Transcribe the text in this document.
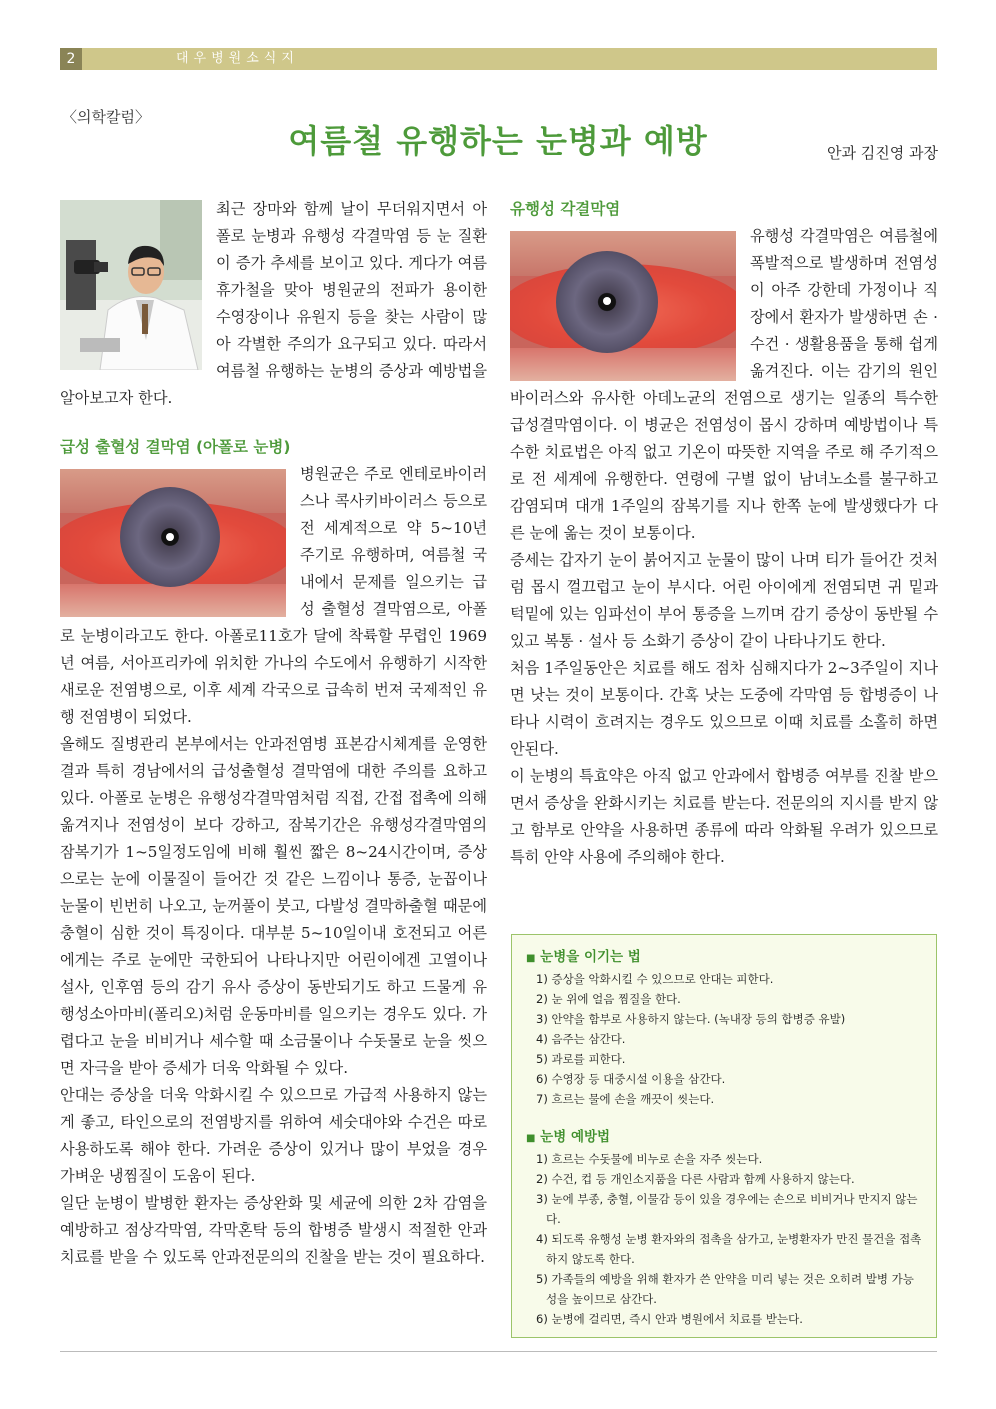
2	대우병원소식지
〈의학칼럼〉
여름철 유행하는 눈병과 예방	안과 김진영 과장

최근 장마와 함께 날이 무더워지면서 아폴로 눈병과 유행성 각결막염 등 눈 질환이 증가 추세를 보이고 있다. 게다가 여름 휴가철을 맞아 병원균의 전파가 용이한 수영장이나 유원지 등을 찾는 사람이 많아 각별한 주의가 요구되고 있다. 따라서 여름철 유행하는 눈병의 증상과 예방법을 알아보고자 한다.

급성 출혈성 결막염 (아폴로 눈병)

병원균은 주로 엔테로바이러스나 콕사키바이러스 등으로 전 세계적으로 약 5~10년 주기로 유행하며, 여름철 국내에서 문제를 일으키는 급성 출혈성 결막염으로, 아폴로 눈병이라고도 한다. 아폴로11호가 달에 착륙할 무렵인 1969년 여름, 서아프리카에 위치한 가나의 수도에서 유행하기 시작한 새로운 전염병으로, 이후 세계 각국으로 급속히 번져 국제적인 유행 전염병이 되었다.

올해도 질병관리 본부에서는 안과전염병 표본감시체계를 운영한 결과 특히 경남에서의 급성출혈성 결막염에 대한 주의를 요하고 있다. 아폴로 눈병은 유행성각결막염처럼 직접, 간접 접촉에 의해 옮겨지나 전염성이 보다 강하고, 잠복기간은 유행성각결막염의 잠복기가 1~5일정도임에 비해 훨씬 짧은 8~24시간이며, 증상으로는 눈에 이물질이 들어간 것 같은 느낌이나 통증, 눈꼽이나 눈물이 빈번히 나오고, 눈꺼풀이 붓고, 다발성 결막하출혈 때문에 충혈이 심한 것이 특징이다. 대부분 5~10일이내 호전되고 어른에게는 주로 눈에만 국한되어 나타나지만 어린이에겐 고열이나 설사, 인후염 등의 감기 유사 증상이 동반되기도 하고 드물게 유행성소아마비(폴리오)처럼 운동마비를 일으키는 경우도 있다. 가렵다고 눈을 비비거나 세수할 때 소금물이나 수돗물로 눈을 씻으면 자극을 받아 증세가 더욱 악화될 수 있다.

안대는 증상을 더욱 악화시킬 수 있으므로 가급적 사용하지 않는 게 좋고, 타인으로의 전염방지를 위하여 세숫대야와 수건은 따로 사용하도록 해야 한다. 가려운 증상이 있거나 많이 부었을 경우 가벼운 냉찜질이 도움이 된다.

일단 눈병이 발병한 환자는 증상완화 및 세균에 의한 2차 감염을 예방하고 점상각막염, 각막혼탁 등의 합병증 발생시 적절한 안과 치료를 받을 수 있도록 안과전문의의 진찰을 받는 것이 필요하다.

유행성 각결막염

유행성 각결막염은 여름철에 폭발적으로 발생하며 전염성이 아주 강한데 가정이나 직장에서 환자가 발생하면 손 · 수건 · 생활용품을 통해 쉽게 옮겨진다. 이는 감기의 원인 바이러스와 유사한 아데노균의 전염으로 생기는 일종의 특수한 급성결막염이다. 이 병균은 전염성이 몹시 강하며 예방법이나 특수한 치료법은 아직 없고 기온이 따뜻한 지역을 주로 해 주기적으로 전 세계에 유행한다. 연령에 구별 없이 남녀노소를 불구하고 감염되며 대개 1주일의 잠복기를 지나 한쪽 눈에 발생했다가 다른 눈에 옮는 것이 보통이다.

증세는 갑자기 눈이 붉어지고 눈물이 많이 나며 티가 들어간 것처럼 몹시 껄끄럽고 눈이 부시다. 어린 아이에게 전염되면 귀 밑과 턱밑에 있는 임파선이 부어 통증을 느끼며 감기 증상이 동반될 수 있고 복통 · 설사 등 소화기 증상이 같이 나타나기도 한다.

처음 1주일동안은 치료를 해도 점차 심해지다가 2~3주일이 지나면 낫는 것이 보통이다. 간혹 낫는 도중에 각막염 등 합병증이 나타나 시력이 흐려지는 경우도 있으므로 이때 치료를 소홀히 하면 안된다.

이 눈병의 특효약은 아직 없고 안과에서 합병증 여부를 진찰 받으면서 증상을 완화시키는 치료를 받는다. 전문의의 지시를 받지 않고 함부로 안약을 사용하면 종류에 따라 악화될 우려가 있으므로 특히 안약 사용에 주의해야 한다.

■ 눈병을 이기는 법
1) 증상을 악화시킬 수 있으므로 안대는 피한다.
2) 눈 위에 얼음 찜질을 한다.
3) 안약을 함부로 사용하지 않는다. (녹내장 등의 합병증 유발)
4) 음주는 삼간다.
5) 과로를 피한다.
6) 수영장 등 대중시설 이용을 삼간다.
7) 흐르는 물에 손을 깨끗이 씻는다.
■ 눈병 예방법
1) 흐르는 수돗물에 비누로 손을 자주 씻는다.
2) 수건, 컵 등 개인소지품을 다른 사람과 함께 사용하지 않는다.
3) 눈에 부종, 충혈, 이물감 등이 있을 경우에는 손으로 비비거나 만지지 않는다.
4) 되도록 유행성 눈병 환자와의 접촉을 삼가고, 눈병환자가 만진 물건을 접촉하지 않도록 한다.
5) 가족들의 예방을 위해 환자가 쓴 안약을 미리 넣는 것은 오히려 발병 가능성을 높이므로 삼간다.
6) 눈병에 걸리면, 즉시 안과 병원에서 치료를 받는다.
